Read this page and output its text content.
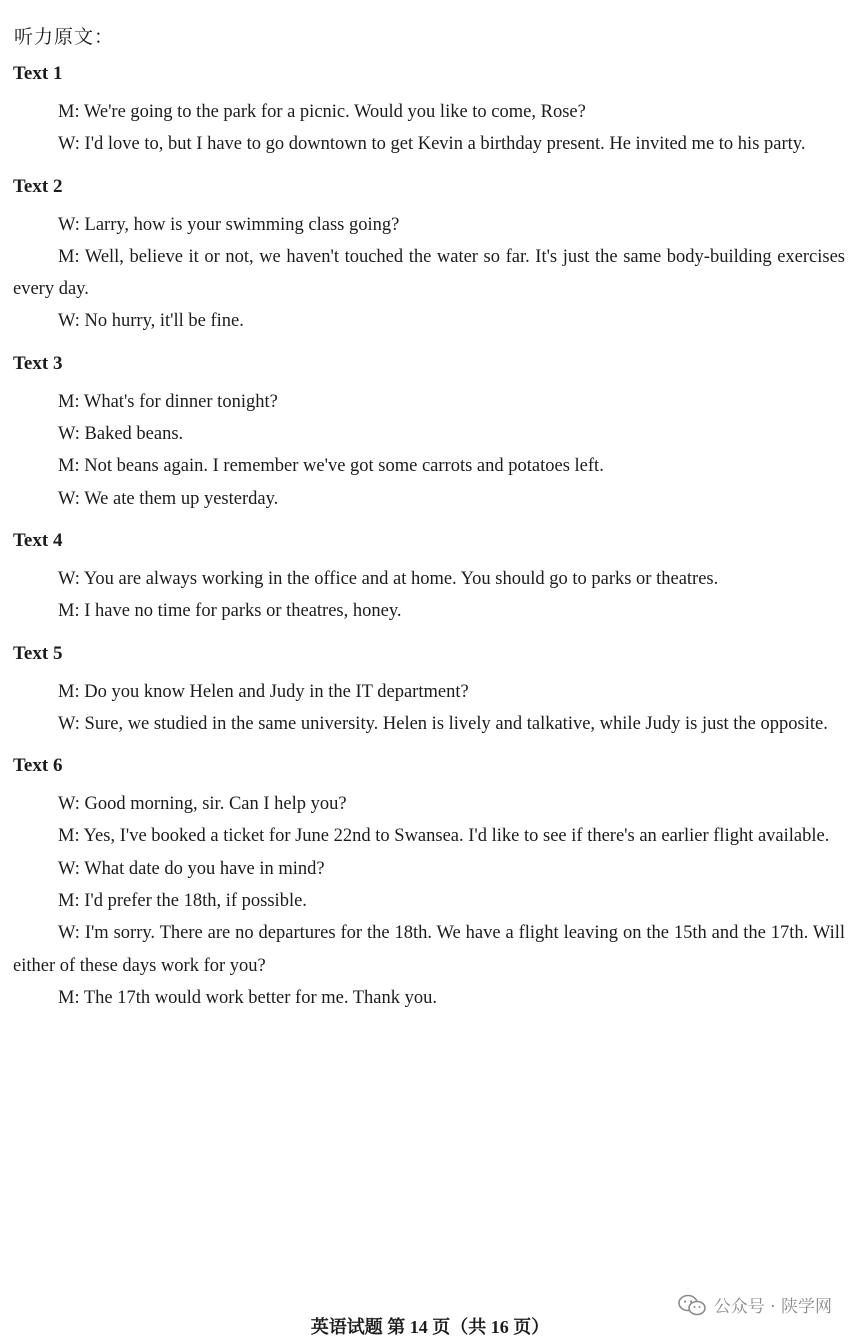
听力原文：
Text 1

M: We're going to the park for a picnic. Would you like to come, Rose?

W: I'd love to, but I have to go downtown to get Kevin a birthday present. He invited me to his party.

Text 2

W: Larry, how is your swimming class going?

M: Well, believe it or not, we haven't touched the water so far. It's just the same body-building exercises every day.

W: No hurry, it'll be fine.

Text 3

M: What's for dinner tonight?

W: Baked beans.

M: Not beans again. I remember we've got some carrots and potatoes left.

W: We ate them up yesterday.

Text 4

W: You are always working in the office and at home. You should go to parks or theatres.

M: I have no time for parks or theatres, honey.

Text 5

M: Do you know Helen and Judy in the IT department?

W: Sure, we studied in the same university. Helen is lively and talkative, while Judy is just the opposite.

Text 6

W: Good morning, sir. Can I help you?

M: Yes, I've booked a ticket for June 22nd to Swansea. I'd like to see if there's an earlier flight available.

W: What date do you have in mind?

M: I'd prefer the 18th, if possible.

W: I'm sorry. There are no departures for the 18th. We have a flight leaving on the 15th and the 17th. Will either of these days work for you?

M: The 17th would work better for me. Thank you.

英语试题 第 14 页（共 16 页）
公众号 · 陕学网
